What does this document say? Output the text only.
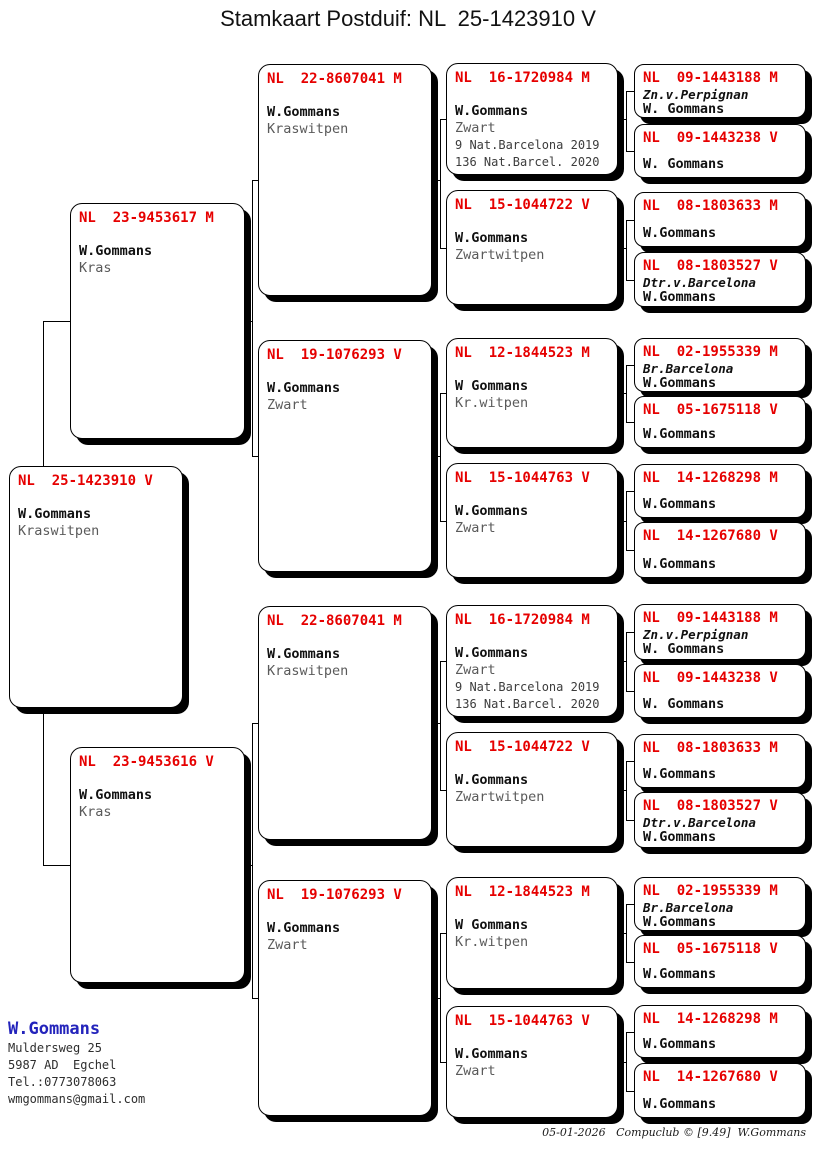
Stamkaart Postduif: NL  25-1423910 V
NL  25-1423910 V
W.Gommans
Kraswitpen
NL  23-9453617 M
W.Gommans
Kras
NL  23-9453616 V
W.Gommans
Kras
NL  22-8607041 M
W.Gommans
Kraswitpen
NL  19-1076293 V
W.Gommans
Zwart
NL  22-8607041 M
W.Gommans
Kraswitpen
NL  19-1076293 V
W.Gommans
Zwart
NL  16-1720984 M
W.Gommans
Zwart
9 Nat.Barcelona 2019
136 Nat.Barcel. 2020
NL  15-1044722 V
W.Gommans
Zwartwitpen
NL  12-1844523 M
W Gommans
Kr.witpen
NL  15-1044763 V
W.Gommans
Zwart
NL  16-1720984 M
W.Gommans
Zwart
9 Nat.Barcelona 2019
136 Nat.Barcel. 2020
NL  15-1044722 V
W.Gommans
Zwartwitpen
NL  12-1844523 M
W Gommans
Kr.witpen
NL  15-1044763 V
W.Gommans
Zwart
NL  09-1443188 M
Zn.v.Perpignan
W. Gommans
NL  09-1443238 V
W. Gommans
NL  08-1803633 M
W.Gommans
NL  08-1803527 V
Dtr.v.Barcelona
W.Gommans
NL  02-1955339 M
Br.Barcelona
W.Gommans
NL  05-1675118 V
W.Gommans
NL  14-1268298 M
W.Gommans
NL  14-1267680 V
W.Gommans
NL  09-1443188 M
Zn.v.Perpignan
W. Gommans
NL  09-1443238 V
W. Gommans
NL  08-1803633 M
W.Gommans
NL  08-1803527 V
Dtr.v.Barcelona
W.Gommans
NL  02-1955339 M
Br.Barcelona
W.Gommans
NL  05-1675118 V
W.Gommans
NL  14-1268298 M
W.Gommans
NL  14-1267680 V
W.Gommans
W.Gommans
Muldersweg 25
5987 AD  Egchel
Tel.:0773078063
wmgommans@gmail.com
05-01-2026 Compuclub © [9.49] W.Gommans
